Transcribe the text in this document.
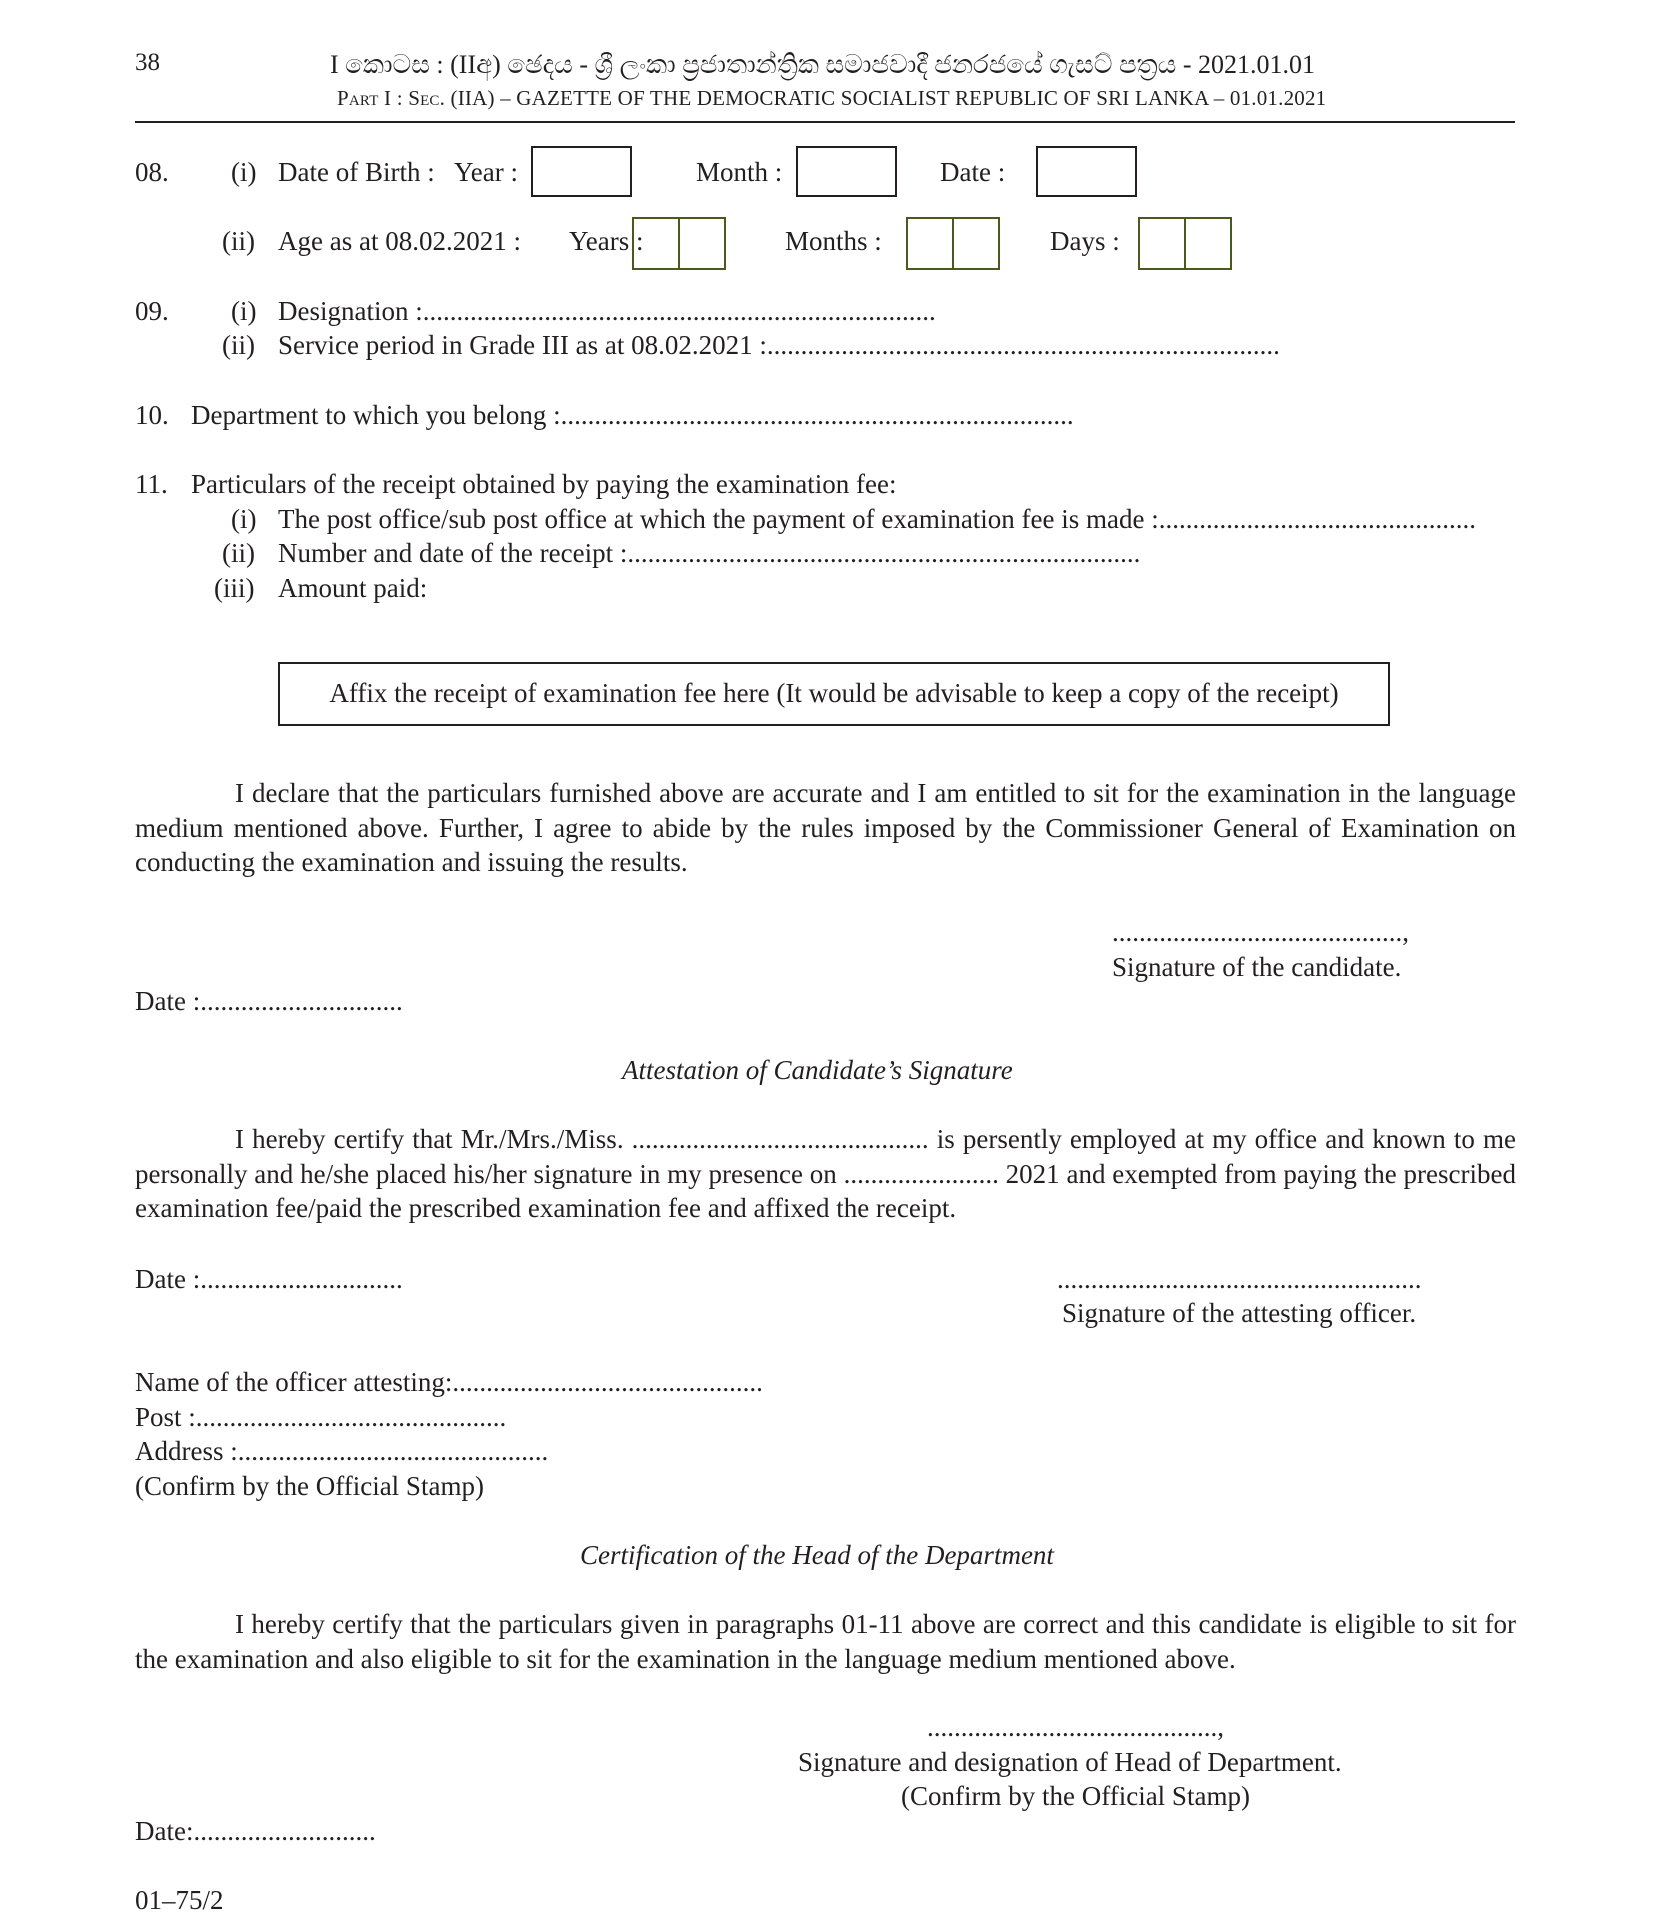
38	I කොටස : (IIඅ) ඡෙදය - ශ්‍රී ලංකා ප්‍රජාතාන්ත්‍රික සමාජවාදී ජනරජයේ ගැසට් පත්‍රය - 2021.01.01
Part I : Sec. (IIA) – GAZETTE OF THE DEMOCRATIC SOCIALIST REPUBLIC OF SRI LANKA – 01.01.2021
08. (i) Date of Birth : Year :	Month :	Date :
(ii) Age as at 08.02.2021 : Years :	Months :	Days :
09. (i) Designation :............................................................................
(ii) Service period in Grade III as at 08.02.2021 :............................................................................
10. Department to which you belong :............................................................................
11. Particulars of the receipt obtained by paying the examination fee:
(i) The post office/sub post office at which the payment of examination fee is made :...............................................
(ii) Number and date of the receipt :............................................................................
(iii) Amount paid:
Affix the receipt of examination fee here (It would be advisable to keep a copy of the receipt)
I declare that the particulars furnished above are accurate and I am entitled to sit for the examination in the language medium mentioned above. Further, I agree to abide by the rules imposed by the Commissioner General of Examination on conducting the examination and issuing the results.
...........................................,
Signature of the candidate.
Date :..............................
Attestation of Candidate’s Signature
I hereby certify that Mr./Mrs./Miss. ............................................ is persently employed at my office and known to me personally and he/she placed his/her signature in my presence on ....................... 2021 and exempted from paying the prescribed examination fee/paid the prescribed examination fee and affixed the receipt.
Date :..............................	......................................................
Signature of the attesting officer.
Name of the officer attesting:..............................................
Post :..............................................
Address :..............................................
(Confirm by the Official Stamp)
Certification of the Head of the Department
I hereby certify that the particulars given in paragraphs 01-11 above are correct and this candidate is eligible to sit for the examination and also eligible to sit for the examination in the language medium mentioned above.
...........................................,
Signature and designation of Head of Department.
(Confirm by the Official Stamp)
Date:...........................
01–75/2
